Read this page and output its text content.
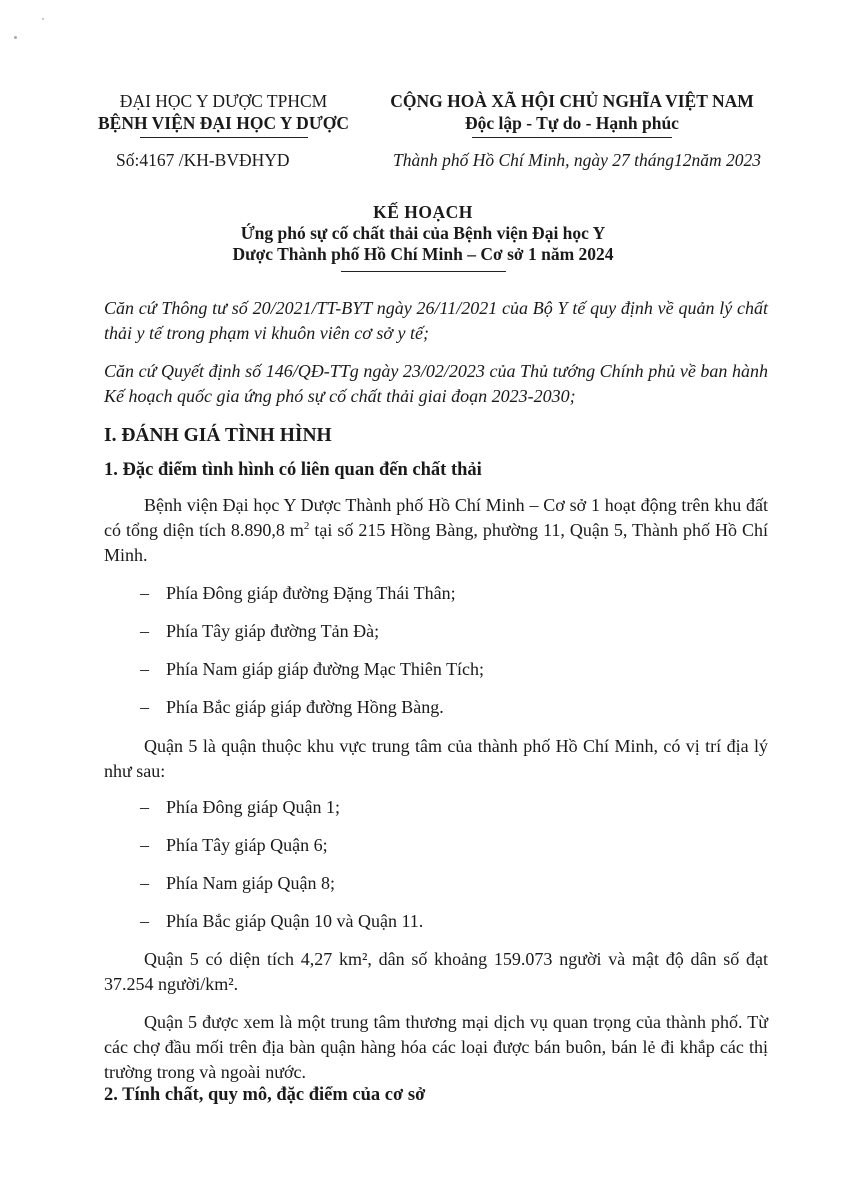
ĐẠI HỌC Y DƯỢC TPHCM
BỆNH VIỆN ĐẠI HỌC Y DƯỢC
CỘNG HOÀ XÃ HỘI CHỦ NGHĨA VIỆT NAM
Độc lập - Tự do - Hạnh phúc
Số:4167 /KH-BVĐHYD	Thành phố Hồ Chí Minh, ngày 27 tháng12năm 2023
KẾ HOẠCH
Ứng phó sự cố chất thải của Bệnh viện Đại học Y
Dược Thành phố Hồ Chí Minh – Cơ sở 1 năm 2024
Căn cứ Thông tư số 20/2021/TT-BYT ngày 26/11/2021 của Bộ Y tế quy định về quản lý chất thải y tế trong phạm vi khuôn viên cơ sở y tế;
Căn cứ Quyết định số 146/QĐ-TTg ngày 23/02/2023 của Thủ tướng Chính phủ về ban hành Kế hoạch quốc gia ứng phó sự cố chất thải giai đoạn 2023-2030;
I. ĐÁNH GIÁ TÌNH HÌNH
1. Đặc điểm tình hình có liên quan đến chất thải
Bệnh viện Đại học Y Dược Thành phố Hồ Chí Minh – Cơ sở 1 hoạt động trên khu đất có tổng diện tích 8.890,8 $m^2$ tại số 215 Hồng Bàng, phường 11, Quận 5, Thành phố Hồ Chí Minh.
– Phía Đông giáp đường Đặng Thái Thân;
– Phía Tây giáp đường Tản Đà;
– Phía Nam giáp giáp đường Mạc Thiên Tích;
– Phía Bắc giáp giáp đường Hồng Bàng.
Quận 5 là quận thuộc khu vực trung tâm của thành phố Hồ Chí Minh, có vị trí địa lý như sau:
– Phía Đông giáp Quận 1;
– Phía Tây giáp Quận 6;
– Phía Nam giáp Quận 8;
– Phía Bắc giáp Quận 10 và Quận 11.
Quận 5 có diện tích 4,27 km², dân số khoảng 159.073 người và mật độ dân số đạt 37.254 người/km².
Quận 5 được xem là một trung tâm thương mại dịch vụ quan trọng của thành phố. Từ các chợ đầu mối trên địa bàn quận hàng hóa các loại được bán buôn, bán lẻ đi khắp các thị trường trong và ngoài nước.
2. Tính chất, quy mô, đặc điểm của cơ sở
